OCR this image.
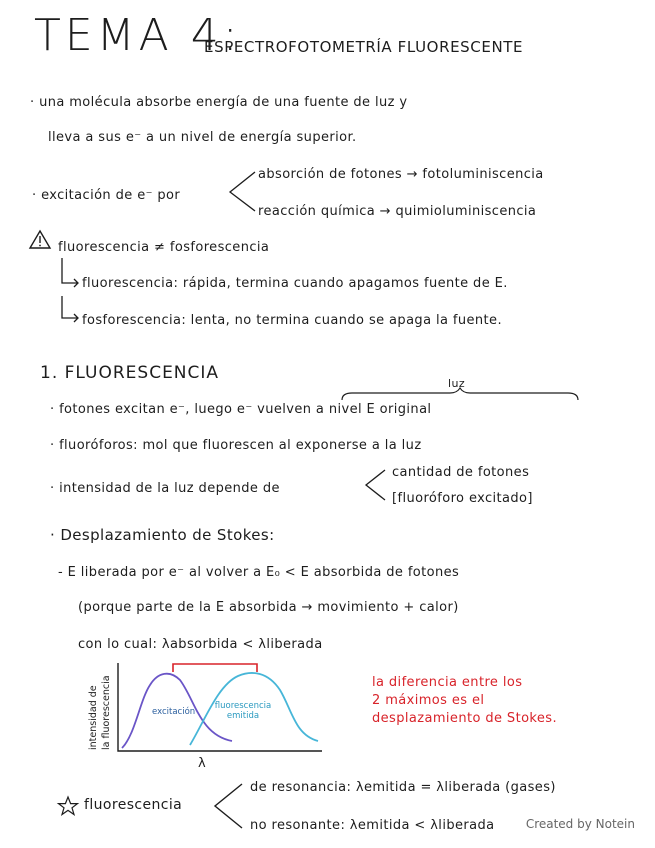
TEMA 4:
ESPECTROFOTOMETRÍA FLUORESCENTE
· una molécula absorbe energía de una fuente de luz y
lleva a sus e⁻ a un nivel de energía superior.
· excitación de e⁻ por
absorción de fotones → fotoluminiscencia
reacción química → quimioluminiscencia
fluorescencia ≠ fosforescencia
fluorescencia: rápida, termina cuando apagamos fuente de E.
fosforescencia: lenta, no termina cuando se apaga la fuente.
1. FLUORESCENCIA
luz
· fotones excitan e⁻, luego e⁻ vuelven a nivel E original
· fluoróforos: mol que fluorescen al exponerse a la luz
· intensidad de la luz depende de
cantidad de fotones
[fluoróforo excitado]
· Desplazamiento de Stokes:
- E liberada por e⁻ al volver a E₀ < E absorbida de fotones
(porque parte de la E absorbida → movimiento + calor)
con lo cual: λabsorbida < λliberada
intensidad de la fluorescencia
λ
excitación
fluorescencia
emitida
la diferencia entre los
2 máximos es el
desplazamiento de Stokes.
fluorescencia
de resonancia: λemitida = λliberada (gases)
no resonante: λemitida < λliberada	Created by Notein
